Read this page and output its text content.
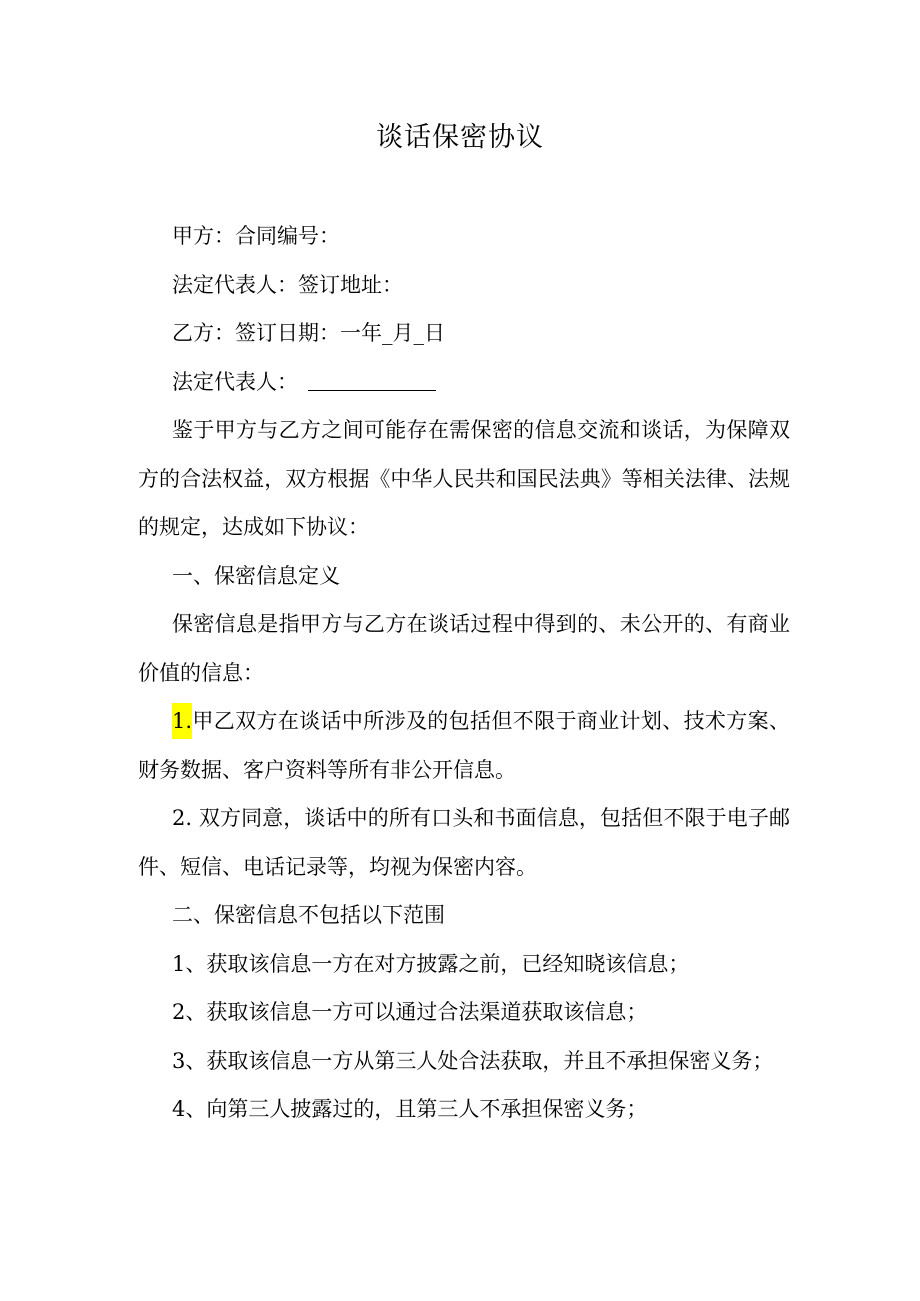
谈话保密协议

甲方：合同编号：

法定代表人：签订地址：

乙方：签订日期：一年_月_日

法定代表人：

鉴于甲方与乙方之间可能存在需保密的信息交流和谈话，为保障双方的合法权益，双方根据《中华人民共和国民法典》等相关法律、法规的规定，达成如下协议：

一、保密信息定义

保密信息是指甲方与乙方在谈话过程中得到的、未公开的、有商业价值的信息：

1.甲乙双方在谈话中所涉及的包括但不限于商业计划、技术方案、财务数据、客户资料等所有非公开信息。

2. 双方同意，谈话中的所有口头和书面信息，包括但不限于电子邮件、短信、电话记录等，均视为保密内容。

二、保密信息不包括以下范围

1、获取该信息一方在对方披露之前，已经知晓该信息；

2、获取该信息一方可以通过合法渠道获取该信息；

3、获取该信息一方从第三人处合法获取，并且不承担保密义务；

4、向第三人披露过的，且第三人不承担保密义务；
